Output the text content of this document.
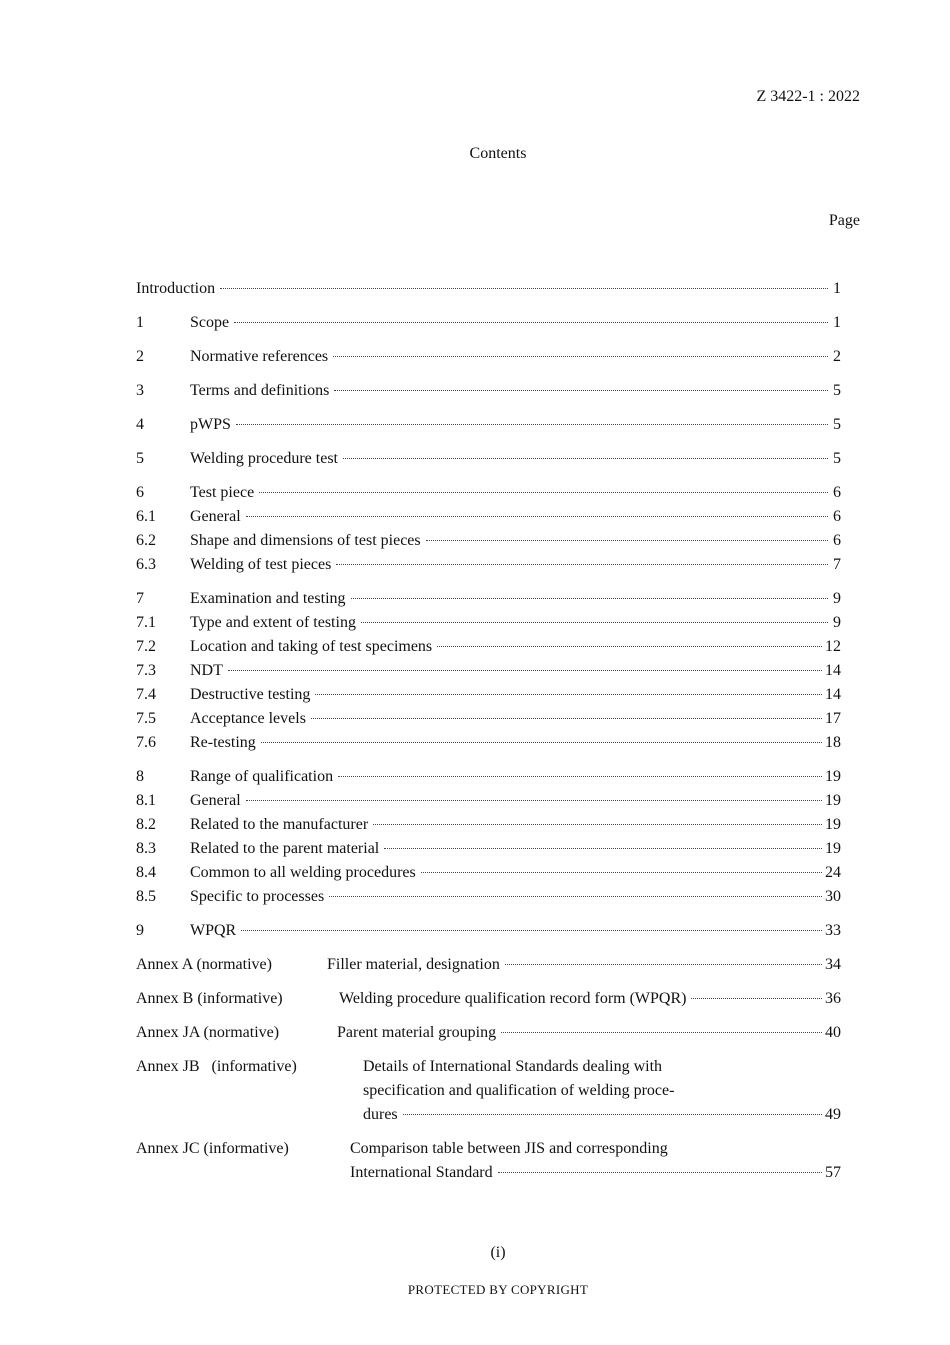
Z 3422-1 : 2022
Contents
Page
Introduction	1
1	Scope	1
2	Normative references	2
3	Terms and definitions	5
4	pWPS	5
5	Welding procedure test	5
6	Test piece	6
6.1	General	6
6.2	Shape and dimensions of test pieces	6
6.3	Welding of test pieces	7
7	Examination and testing	9
7.1	Type and extent of testing	9
7.2	Location and taking of test specimens	12
7.3	NDT	14
7.4	Destructive testing	14
7.5	Acceptance levels	17
7.6	Re-testing	18
8	Range of qualification	19
8.1	General	19
8.2	Related to the manufacturer	19
8.3	Related to the parent material	19
8.4	Common to all welding procedures	24
8.5	Specific to processes	30
9	WPQR	33
Annex A (normative)	Filler material, designation	34
Annex B (informative)	Welding procedure qualification record form (WPQR)	36
Annex JA (normative)	Parent material grouping	40
Annex JB   (informative)	Details of International Standards dealing with
specification and qualification of welding proce-
dures	49
Annex JC (informative)	Comparison table between JIS and corresponding
International Standard	57
(i)
PROTECTED BY COPYRIGHT
